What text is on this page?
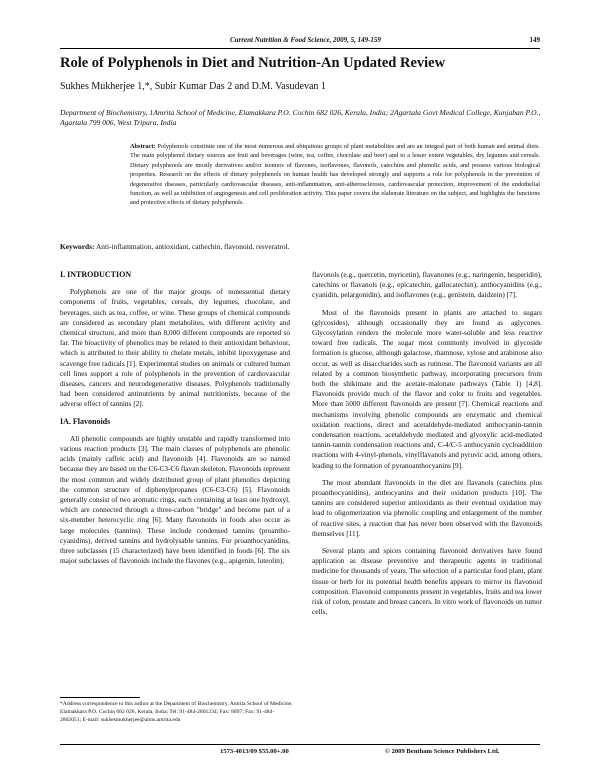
Current Nutrition & Food Science, 2009, 5, 149-159	149
Role of Polyphenols in Diet and Nutrition-An Updated Review
Sukhes Mukherjee 1,*, Subir Kumar Das 2 and D.M. Vasudevan 1
Department of Biochemistry, 1Amrita School of Medicine, Elamakkara P.O. Cochin 682 026, Kerala, India; 2Agartala Govt Medical College, Kunjaban P.O., Agartala 799 006, West Tripura, India
Abstract: Polyphenols constitute one of the most numerous and ubiquitous groups of plant metabolites and are an integral part of both human and animal diets. The main polyphenol dietary sources are fruit and beverages (wine, tea, coffee, chocolate and beer) and to a lesser extent vegetables, dry legumes and cereals. Dietary polyphenols are mostly derivatives and/or isomers of flavones, isoflavones, flavonols, catechins and phenolic acids, and possess various biological properties. Research on the effects of dietary polyphenols on human health has developed strongly and supports a role for polyphenols in the prevention of degenerative diseases, particularly cardiovascular diseases, anti-inflammation, anti-atherosclerosis, cardiovascular protection, improvement of the endothelial function, as well as inhibition of angiogenesis and cell proliferation activity. This paper covers the elaborate literature on the subject, and highlights the functions and protective effects of dietary polyphenols.
Keywords: Anti-inflammation, antioxidant, cathechin, flavonoid, resveratrol.

I. INTRODUCTION

Polyphenols are one of the major groups of nonessential dietary components of fruits, vegetables, cereals, dry legumes, chocolate, and beverages, such as tea, coffee, or wine. These groups of chemical compounds are considered as secondary plant metabolites, with different activity and chemical structure, and more than 8,000 different compounds are reported so far. The bioactivity of phenolics may be related to their antioxidant behaviour, which is attributed to their ability to chelate metals, inhibit lipoxygenase and scavenge free radicals [1]. Experimental studies on animals or cultured human cell lines support a role of polyphenols in the prevention of cardiovascular diseases, cancers and neurodegenerative diseases. Polyphenols traditionally had been considered antinutrients by animal nutritionists, because of the adverse effect of tannins [2].

IA. Flavonoids

All phenolic compounds are highly unstable and rapidly transformed into various reaction products [3]. The main classes of polyphenols are phenolic acids (mainly caffeic acid) and flavonoids [4]. Flavonoids are so named because they are based on the C6-C3-C6 flavan skeleton. Flavonoids represent the most common and widely distributed group of plant phenolics depicting the common structure of diphenylpropanes (C6-C3-C6) [5]. Flavonoids generally consist of two aromatic rings, each containing at least one hydroxyl, which are connected through a three-carbon "bridge" and become part of a six-member heterocyclic ring [6]. Many flavonoids in foods also occur as large molecules (tannins). These include condensed tannins (proantho-cyanidins), derived tannins and hydrolysable tannins. For proanthocyanidins, three subclasses (15 characterized) have been identified in foods [6]. The six major subclasses of flavonoids include the flavones (e.g., apigenin, luteolin),

flavonols (e.g., quercetin, myricetin), flavanones (e.g., naringenin, hesperidin), catechins or flavanols (e.g., epicatechin, gallocatechin), anthocyanidins (e.g., cyanidin, pelargonidin), and isoflavones (e.g., genistein, daidzein) [7].

Most of the flavonoids present in plants are attached to sugars (glycosides), although occasionally they are found as aglycones. Glycosylation renders the molecule more water-soluble and less reactive toward free radicals. The sugar most commonly involved in glycoside formation is glucose, although galactose, rhamnose, xylose and arabinose also occur, as well as disaccharides such as rutinose. The flavonoid variants are all related by a common biosynthetic pathway, incorporating precursors from both the shikimate and the acetate-malonate pathways (Table 1) [4,8]. Flavonoids provide much of the flavor and color to fruits and vegetables. More than 5000 different flavonoids are present [7]. Chemical reactions and mechanisms involving phenolic compounds are enzymatic and chemical oxidation reactions, direct and acetaldehyde-mediated anthocyanin-tannin condensation reactions, acetaldehyde mediated and glyoxylic acid-mediated tannin-tannin condensation reactions and, C-4/C-5 anthocyanin cycloaddition reactions with 4-vinyl-phenols, vinylflavanols and pyruvic acid, among others, leading to the formation of pyranoanthocyanins [9].

The most abundant flavonoids in the diet are flavanols (catechins plus proanthocyanidins), anthocyanins and their oxidation products [10]. The tannins are considered superior antioxidants as their eventual oxidation may lead to oligomerization via phenolic coupling and enlargement of the number of reactive sites, a reaction that has never been observed with the flavonoids themselves [11].

Several plants and spices containing flavonoid derivatives have found application as disease preventive and therapeutic agents in traditional medicine for thousands of years. The selection of a particular food plant, plant tissue or herb for its potential health benefits appears to mirror its flavonoid composition. Flavonoid components present in vegetables, fruits and tea lower risk of colon, prostate and breast cancers. In vitro work of flavonoids on tumor cells,

*Address correspondence to this author at the Department of Biochemistry, Amrita School of Medicine, Elamakkara P.O. Cochin 682 026, Kerala, India; Tel: 91-484-2801234; Fax: 8097; Fax: 91-484-2802051; E-mail: sukhesmukherjee@aims.amrita.edu
1573-4013/09 $55.00+.00	© 2009 Bentham Science Publishers Ltd.
